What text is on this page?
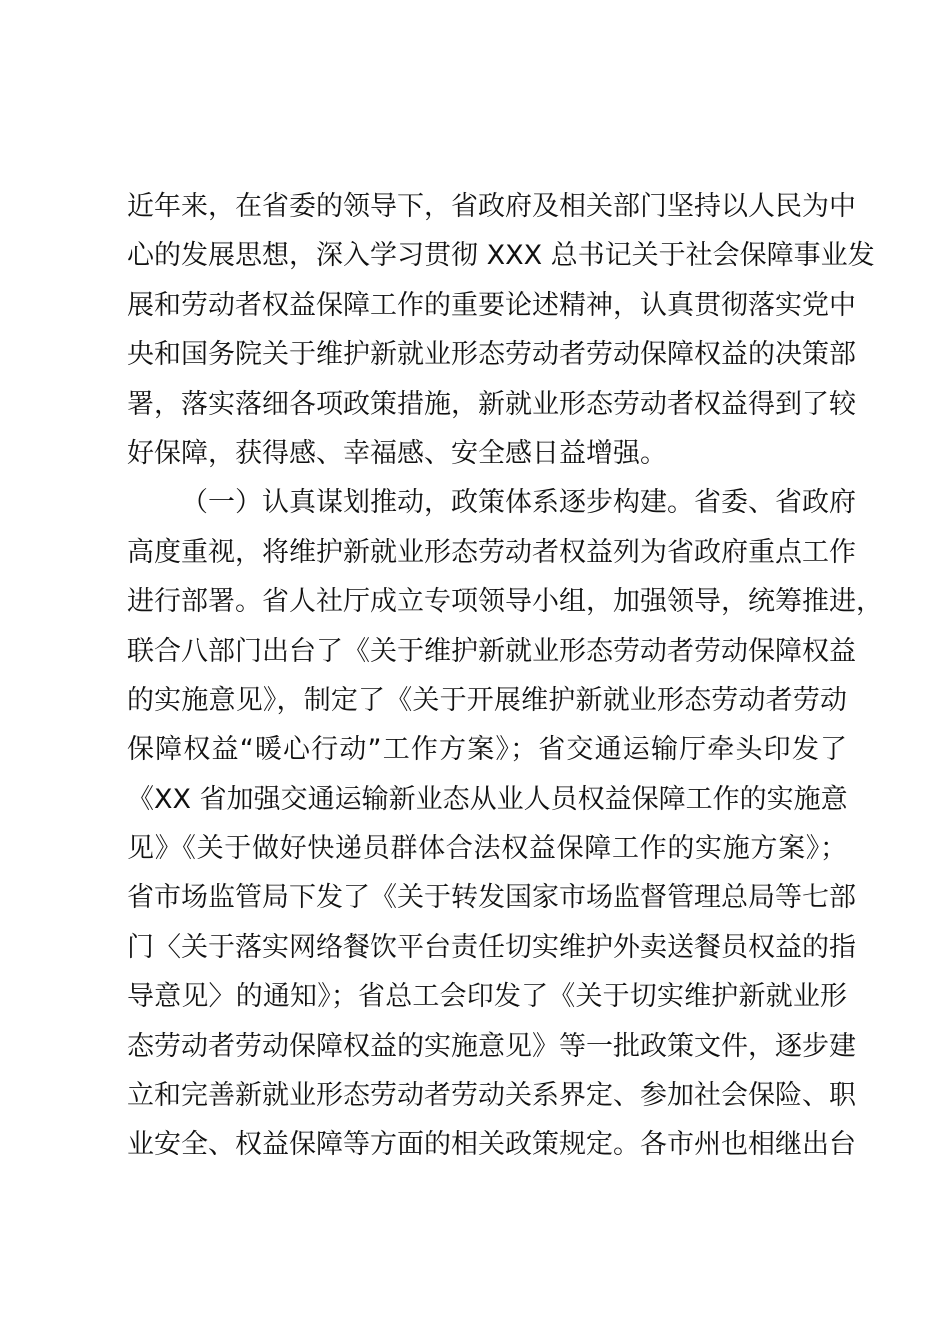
近年来，在省委的领导下，省政府及相关部门坚持以人民为中
心的发展思想，深入学习贯彻 XXX 总书记关于社会保障事业发
展和劳动者权益保障工作的重要论述精神，认真贯彻落实党中
央和国务院关于维护新就业形态劳动者劳动保障权益的决策部
署，落实落细各项政策措施，新就业形态劳动者权益得到了较
好保障，获得感、幸福感、安全感日益增强。
（一）认真谋划推动，政策体系逐步构建。省委、省政府
高度重视，将维护新就业形态劳动者权益列为省政府重点工作
进行部署。省人社厅成立专项领导小组，加强领导，统筹推进，
联合八部门出台了《关于维护新就业形态劳动者劳动保障权益
的实施意见》，制定了《关于开展维护新就业形态劳动者劳动
保障权益“暖心行动”工作方案》；省交通运输厅牵头印发了
《XX 省加强交通运输新业态从业人员权益保障工作的实施意
见》《关于做好快递员群体合法权益保障工作的实施方案》；
省市场监管局下发了《关于转发国家市场监督管理总局等七部
门〈关于落实网络餐饮平台责任切实维护外卖送餐员权益的指
导意见〉的通知》；省总工会印发了《关于切实维护新就业形
态劳动者劳动保障权益的实施意见》等一批政策文件，逐步建
立和完善新就业形态劳动者劳动关系界定、参加社会保险、职
业安全、权益保障等方面的相关政策规定。各市州也相继出台
